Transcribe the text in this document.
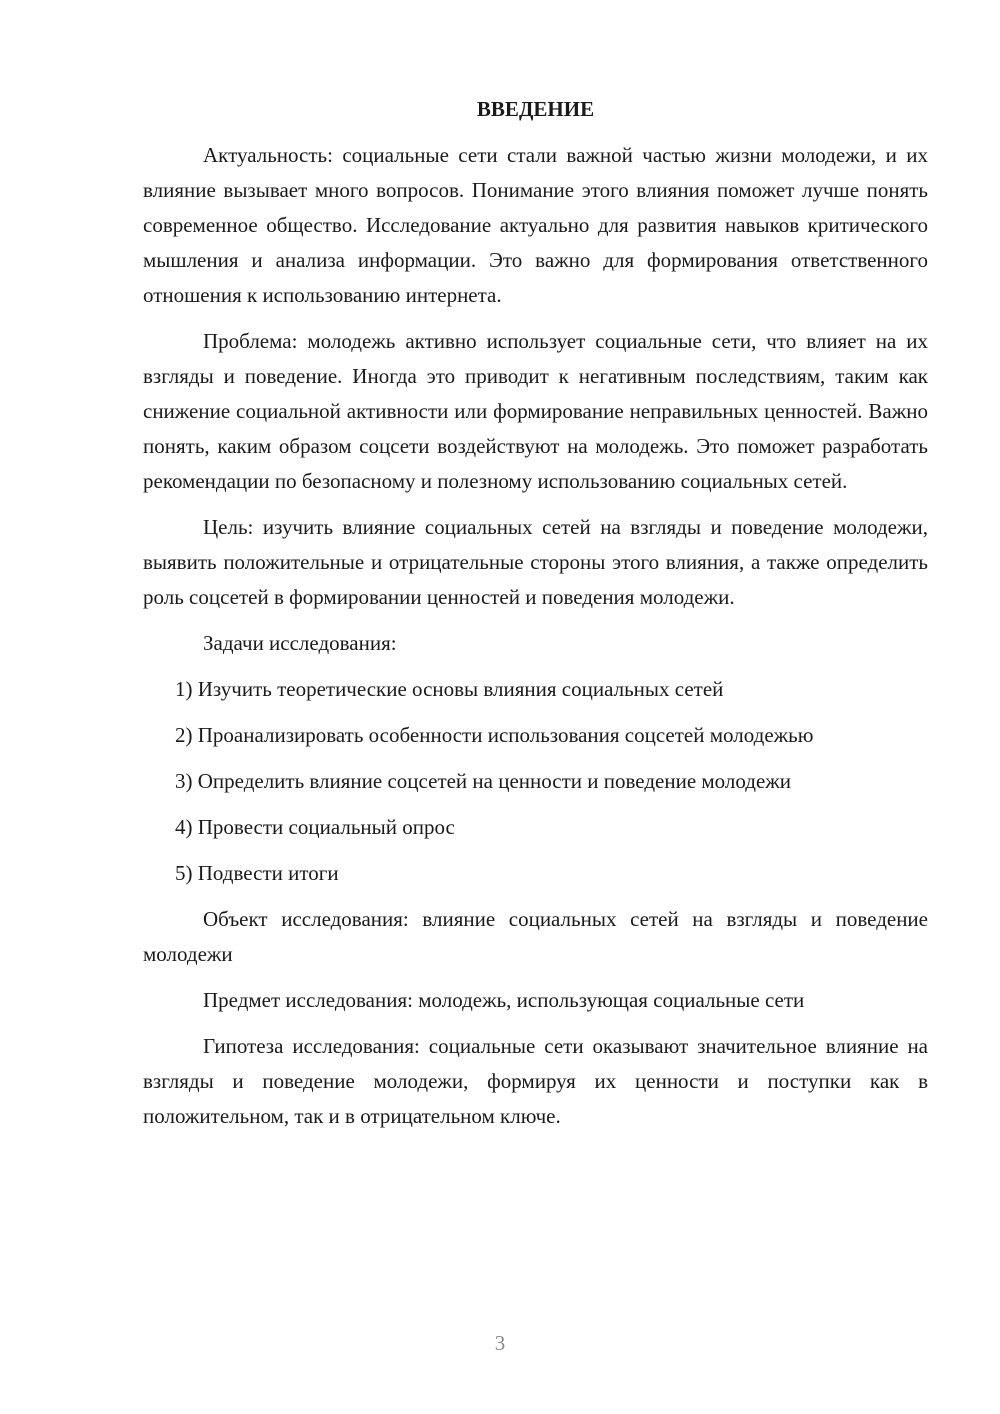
ВВЕДЕНИЕ

Актуальность: социальные сети стали важной частью жизни молодежи, и их влияние вызывает много вопросов. Понимание этого влияния поможет лучше понять современное общество. Исследование актуально для развития навыков критического мышления и анализа информации. Это важно для формирования ответственного отношения к использованию интернета.

Проблема: молодежь активно использует социальные сети, что влияет на их взгляды и поведение. Иногда это приводит к негативным последствиям, таким как снижение социальной активности или формирование неправильных ценностей. Важно понять, каким образом соцсети воздействуют на молодежь. Это поможет разработать рекомендации по безопасному и полезному использованию социальных сетей.

Цель: изучить влияние социальных сетей на взгляды и поведение молодежи, выявить положительные и отрицательные стороны этого влияния, а также определить роль соцсетей в формировании ценностей и поведения молодежи.

Задачи исследования:

1) Изучить теоретические основы влияния социальных сетей

2) Проанализировать особенности использования соцсетей молодежью

3) Определить влияние соцсетей на ценности и поведение молодежи

4) Провести социальный опрос

5) Подвести итоги

Объект исследования: влияние социальных сетей на взгляды и поведение молодежи

Предмет исследования: молодежь, использующая социальные сети

Гипотеза исследования: социальные сети оказывают значительное влияние на взгляды и поведение молодежи, формируя их ценности и поступки как в положительном, так и в отрицательном ключе.

3
